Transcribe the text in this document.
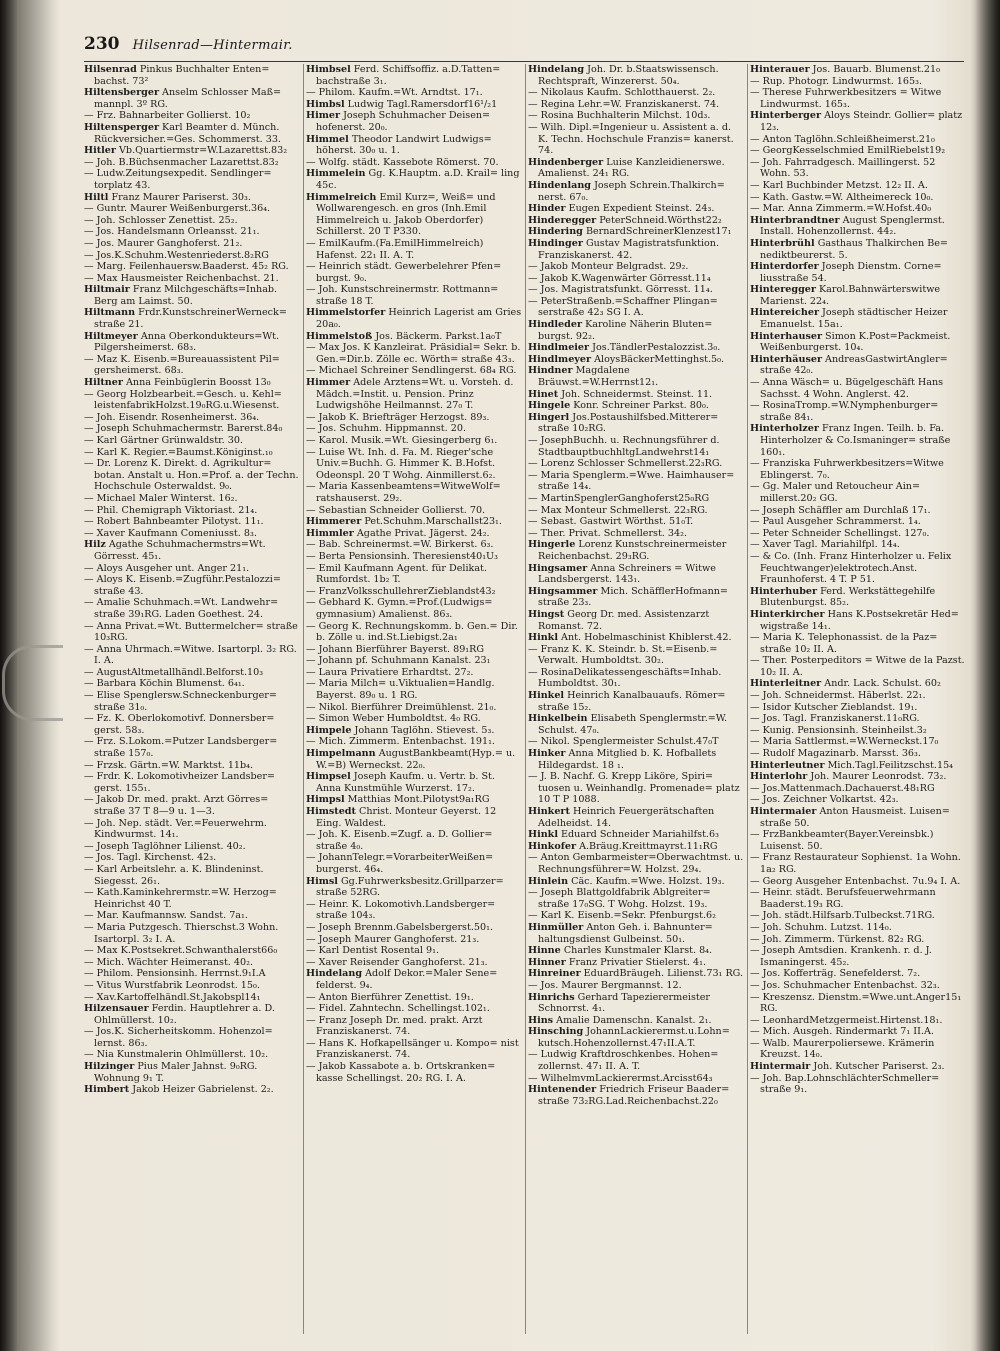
230 Hilsenrad—Hintermair.

Hilsenrad Pinkus Buchhalter Enten= bachst. 73²

Hiltensberger Anselm Schlosser Maß= mannpl. 3º RG.

— Frz. Bahnarbeiter Gollierst. 10₂

Hiltensperger Karl Beamter d. Münch. Rückversicher.=Ges. Schommerst. 33.

Hitler Vb.Quartiermstr=W.Lazarettst.83₂

— Joh. B.Büchsenmacher Lazarettst.83₂

— Ludw.Zeitungsexpedit. Sendlinger= torplatz 43.

Hiltl Franz Maurer Pariserst. 30₃.

— Guntr. Maurer Weißenburgerst.36₄.

— Joh. Schlosser Zenettist. 25₂.

— Jos. Handelsmann Orleansst. 21₁.

— Jos. Maurer Ganghoferst. 21₂.

— Jos.K.Schuhm.Westenriederst.8₂RG

— Marg. Feilenhauersw.Baaderst. 45₂ RG.

— Max Hausmeister Reichenbachst. 21.

Hiltmair Franz Milchgeschäfts=Inhab. Berg am Laimst. 50.

Hiltmann Frdr.KunstschreinerWerneck= straße 21.

Hiltmeyer Anna Oberkondukteurs=Wt. Pilgersheimerst. 68₃.

— Maz K. Eisenb.=Bureauassistent Pil= gersheimerst. 68₃.

Hiltner Anna Feinbüglerin Boosst 13₀

— Georg Holzbearbeit.=Gesch. u. Kehl= leistenfabrikHolzst.19₀RG.u.Wiesenst.

— Joh. Eisendr. Rosenheimerst. 36₄.

— Joseph Schuhmachermstr. Barerst.84₀

— Karl Gärtner Grünwaldstr. 30.

— Karl K. Regier.=Baumst.Königinst.₁₀

— Dr. Lorenz K. Direkt. d. Agrikultur= botan. Anstalt u. Hon.=Prof. a. der Techn. Hochschule Osterwaldst. 9₀.

— Michael Maler Winterst. 16₂.

— Phil. Chemigraph Viktoriast. 21₄.

— Robert Bahnbeamter Pilotyst. 11₁.

— Xaver Kaufmann Comeniusst. 8₃.

Hilz Agathe Schuhmachermstrs=Wt. Görresst. 45₁.

— Aloys Ausgeher unt. Anger 21₁.

— Aloys K. Eisenb.=Zugführ.Pestalozzi= straße 43.

— Amalie Schuhmach.=Wt. Landwehr= straße 39₁RG. Laden Goethest. 24.

— Anna Privat.=Wt. Buttermelcher= straße 10₃RG.

— Anna Uhrmach.=Witwe. Isartorpl. 3₂ RG. I. A.

— AugustAltmetallhändl.Belforst.10₃

— Barbara Köchin Blumenst. 6₄₁.

— Elise Spenglersw.Schneckenburger= straße 31₀.

— Fz. K. Oberlokomotivf. Donnersber= gerst. 58₃.

— Frz. S.Lokom.=Putzer Landsberger= straße 157₀.

— Frzsk. Gärtn.=W. Marktst. 11b₄.

— Frdr. K. Lokomotivheizer Landsber= gerst. 155₁.

— Jakob Dr. med. prakt. Arzt Görres= straße 37 T 8—9 u. 1—3.

— Joh. Nep. städt. Ver.=Feuerwehrm. Kindwurmst. 14₁.

— Joseph Taglöhner Lilienst. 40₂.

— Jos. Tagl. Kirchenst. 42₃.

— Karl Arbeitslehr. a. K. Blindeninst. Siegesst. 26₁.

— Kath.Kaminkehrermstr.=W. Herzog= Heinrichst 40 T.

— Mar. Kaufmannsw. Sandst. 7a₁.

— Maria Putzgesch. Thierschst.3 Wohn. Isartorpl. 3₂ I. A.

— Max K.Postsekret.Schwanthalerst66₀

— Mich. Wächter Heimeranst. 40₂.

— Philom. Pensionsinh. Herrnst.9₁I.A

— Vitus Wurstfabrik Leonrodst. 15₀.

— Xav.Kartoffelhändl.St.Jakobspl14₁

Hilzensauer Ferdin. Hauptlehrer a. D. Ohlmüllerst. 10₂.

— Jos.K. Sicherheitskomm. Hohenzol= lernst. 86₃.

— Nia Kunstmalerin Ohlmüllerst. 10₂.

Hilzinger Pius Maler Jahnst. 9₀RG. Wohnung 9₁ T.

Himbert Jakob Heizer Gabrielenst. 2₂.

Himbsel Ferd. Schiffsoffiz. a.D.Tatten= bachstraße 3₁.

— Philom. Kaufm.=Wt. Arndtst. 17₁.

Himbsl Ludwig Tagl.Ramersdorf16¹/₂1

Himer Joseph Schuhmacher Deisen= hofenerst. 20₀.

Himmel Theodor Landwirt Ludwigs= höherst. 30₀ u. 1.

— Wolfg. städt. Kassebote Römerst. 70.

Himmelein Gg. K.Hauptm. a.D. Krail= ling 45c.

Himmelreich Emil Kurz=, Weiß= und Wollwarengesch. en gros (Inh.Emil Himmelreich u. Jakob Oberdorfer) Schillerst. 20 T P330.

— EmilKaufm.(Fa.EmilHimmelreich) Hafenst. 22₁ II. A. T.

— Heinrich städt. Gewerbelehrer Pfen= burgst. 9₀.

— Joh. Kunstschreinermstr. Rottmann= straße 18 T.

Himmelstorfer Heinrich Lagerist am Gries 20a₀.

Himmelstoß Jos. Bäckerm. Parkst.1a₀T

— Max Jos. K Kanzleirat. Präsidial= Sekr. b. Gen.=Dir.b. Zölle ec. Wörth= straße 43₃.

— Michael Schreiner Sendlingerst. 68₄ RG.

Himmer Adele Arztens=Wt. u. Vorsteh. d. Mädch.=Instit. u. Pension. Prinz Ludwigshöhe Heilmannst. 27₀ T.

— Jakob K. Briefträger Herzogst. 89₃.

— Jos. Schuhm. Hippmannst. 20.

— Karol. Musik.=Wt. Giesingerberg 6₁.

— Luise Wt. Inh. d. Fa. M. Rieger'sche Univ.=Buchh. G. Himmer K. B.Hofst. Odeonspl. 20 T Wohg. Ainmillerst.6₂.

— Maria Kassenbeamtens=WitweWolf= ratshauserst. 29₂.

— Sebastian Schneider Gollierst. 70.

Himmerer Pet.Schuhm.Marschallst23₁.

Himmler Agathe Privat. Jägerst. 24₂.

— Bab. Schreinermst.=W. Birkerst. 6₃.

— Berta Pensionsinh. Theresienst40₁U₃

— Emil Kaufmann Agent. für Delikat. Rumfordst. 1b₂ T.

— FranzVolksschullehrerZieblandst43₂

— Gebhard K. Gymn.=Prof.(Ludwigs= gymnasium) Amalienst. 86₃.

— Georg K. Rechnungskomm. b. Gen.= Dir. b. Zölle u. ind.St.Liebigst.2a₁

— Johann Bierführer Bayerst. 89₁RG

— Johann pf. Schuhmann Kanalst. 23₁

— Laura Privatiere Erhardtst. 27₂.

— Maria Milch= u.Viktualien=Handlg. Bayerst. 89₀ u. 1 RG.

— Nikol. Bierführer Dreimühlenst. 21₀.

— Simon Weber Humboldtst. 4₀ RG.

Himpele Johann Taglöhn. Stievest. 5₃.

— Mich. Zimmerm. Entenbachst. 191₁.

Himpelmann AugustBankbeamt(Hyp.= u. W.=B) Werneckst. 22₀.

Himpsel Joseph Kaufm. u. Vertr. b. St. Anna Kunstmühle Wurzerst. 17₂.

Himpsl Matthias Mont.Pilotyst9a₁RG

Himstedt Christ. Monteur Geyerst. 12 Eing. Waldest.

— Joh. K. Eisenb.=Zugf. a. D. Gollier= straße 4₀.

— JohannTelegr.=VorarbeiterWeißen= burgerst. 46₄.

Himsl Gg.Fuhrwerksbesitz.Grillparzer= straße 52RG.

— Heinr. K. Lokomotivh.Landsberger= straße 104₃.

— Joseph Brennm.Gabelsbergerst.50₁.

— Joseph Maurer Ganghoferst. 21₃.

— Karl Dentist Rosental 9₁.

— Xaver Reisender Ganghoferst. 21₃.

Hindelang Adolf Dekor.=Maler Sene= felderst. 9₄.

— Anton Bierführer Zenettist. 19₁.

— Fidel. Zahntechn. Schellingst.102₁.

— Franz Joseph Dr. med. prakt. Arzt Franziskanerst. 74.

— Hans K. Hofkapellsänger u. Kompo= nist Franziskanerst. 74.

— Jakob Kassabote a. b. Ortskranken= kasse Schellingst. 20₂ RG. I. A.

Hindelang Joh. Dr. b.Staatswissensch. Rechtspraft, Winzererst. 50₄.

— Nikolaus Kaufm. Schlotthauerst. 2₂.

— Regina Lehr.=W. Franziskanerst. 74.

— Rosina Buchhalterin Milchst. 10d₃.

— Wilh. Dipl.=Ingenieur u. Assistent a. d. K. Techn. Hochschule Franzis= kanerst. 74.

Hindenberger Luise Kanzleidienerswe. Amalienst. 24₁ RG.

Hindenlang Joseph Schrein.Thalkirch= nerst. 67₀.

Hinder Eugen Expedient Steinst. 24₃.

Hinderegger PeterSchneid.Wörthst22₂

Hindering BernardSchreinerKlenzest17₁

Hindinger Gustav Magistratsfunktion. Franziskanerst. 42.

— Jakob Monteur Belgradst. 29₂.

— Jakob K.Wagenwärter Görresst.11₄

— Jos. Magistratsfunkt. Görresst. 11₄.

— PeterStraßenb.=Schaffner Plingan= serstraße 42₃ SG I. A.

Hindleder Karoline Näherin Bluten= burgst. 92₂.

Hindlmeier Jos.TändlerPestalozzist.3₀.

Hindlmeyer AloysBäckerMettinghst.5₀.

Hindner Magdalene Bräuwst.=W.Herrnst12₁.

Hinet Joh. Schneidermst. Steinst. 11.

Hingele Konr. Schreiner Parkst. 80₀.

Hingerl Jos.Postaushilfsbed.Mitterer= straße 10₂RG.

— JosephBuchh. u. Rechnungsführer d. StadtbauptbuchhltgLandwehrst14₁

— Lorenz Schlosser Schmellerst.22₃RG.

— Maria Spenglerm.=Wwe. Haimhauser= straße 14₄.

— MartinSpenglerGanghoferst25₀RG

— Max Monteur Schmellerst. 22₃RG.

— Sebast. Gastwirt Wörthst. 51₀T.

— Ther. Privat. Schmellerst. 34₂.

Hingerle Lorenz Kunstschreinermeister Reichenbachst. 29₃RG.

Hingsamer Anna Schreiners = Witwe Landsbergerst. 143₁.

Hingsammer Mich. SchäfflerHofmann= straße 23₃.

Hingst Georg Dr. med. Assistenzarzt Romanst. 72.

Hinkl Ant. Hobelmaschinist Khiblerst.42.

— Franz K. K. Steindr. b. St.=Eisenb.= Verwalt. Humboldtst. 30₂.

— RosinaDelikatessengeschäfts=Inhab. Humboldtst. 30₁.

Hinkel Heinrich Kanalbauaufs. Römer= straße 15₂.

Hinkelbein Elisabeth Spenglermstr.=W. Schulst. 47₀.

— Nikol. Spenglermeister Schulst.47₀T

Hinker Anna Mitglied b. K. Hofballets Hildegardst. 18 ₁.

— J. B. Nachf. G. Krepp Liköre, Spiri= tuosen u. Weinhandlg. Promenade= platz 10 T P 1088.

Hinkert Heinrich Feuergerätschaften Adelheidst. 14.

Hinkl Eduard Schneider Mariahilfst.6₃

Hinkofer A.Bräug.Kreittmayrst.11₁RG

— Anton Gembarmeister=Oberwachtmst. u. Rechnungsführer=W. Holzst. 29₄.

Hinlein Cäc. Kaufm.=Wwe. Holzst. 19₃.

— Joseph Blattgoldfabrik Ablgreiter= straße 17₀SG. T Wohg. Holzst. 19₃.

— Karl K. Eisenb.=Sekr. Pfenburgst.6₂

Hinmüller Anton Geh. i. Bahnunter= haltungsdienst Gulbeinst. 50₁.

Hinne Charles Kunstmaler Klarst. 8₄.

Hinner Franz Privatier Stielerst. 4₁.

Hinreiner EduardBräugeh. Lilienst.73₁ RG.

— Jos. Maurer Bergmannst. 12.

Hinrichs Gerhard Tapezierermeister Schnorrst. 4₁.

Hins Amalie Damenschn. Kanalst. 2₁.

Hinsching JohannLackierermst.u.Lohn= kutsch.Hohenzollernst.47₁II.A.T.

— Ludwig Kraftdroschkenbes. Hohen= zollernst. 47₁ II. A. T.

— WilhelmvmLackierermst.Arcisst64₃

Hintenender Friedrich Friseur Baader= straße 73₂RG.Lad.Reichenbachst.22₀

Hinterauer Jos. Bauarb. Blumenst.21₀

— Rup. Photogr. Lindwurmst. 165₃.

— Therese Fuhrwerkbesitzers = Witwe Lindwurmst. 165₃.

Hinterberger Aloys Steindr. Gollier= platz 12₃.

— Anton Taglöhn.Schleißheimerst.21₀

— GeorgKesselschmied EmilRiebelst19₂

— Joh. Fahrradgesch. Maillingerst. 52 Wohn. 53.

— Karl Buchbinder Metzst. 12₂ II. A.

— Kath. Gastw.=W. Altheimereck 10₀.

— Mar. Anna Zimmerm.=W.Hofst.40₀

Hinterbrandtner August Spenglermst. Install. Hohenzollernst. 44₂.

Hinterbrühl Gasthaus Thalkirchen Be= nediktbeurerst. 5.

Hinterdorfer Joseph Dienstm. Corne= liusstraße 54.

Hinteregger Karol.Bahnwärterswitwe Marienst. 22₄.

Hintereicher Joseph städtischer Heizer Emanuelst. 15a₁.

Hinterhauser Simon K.Post=Packmeist. Weißenburgerst. 10₄.

Hinterhäuser AndreasGastwirtAngler= straße 42₀.

— Anna Wäsch= u. Bügelgeschäft Hans Sachsst. 4 Wohn. Anglerst. 42.

— RosinaTromp.=W.Nymphenburger= straße 84₁.

Hinterholzer Franz Ingen. Teilh. b. Fa. Hinterholzer & Co.Ismaninger= straße 160₁.

— Franziska Fuhrwerkbesitzers=Witwe Eblingerst. 7₀.

— Gg. Maler und Retoucheur Ain= millerst.20₂ GG.

— Joseph Schäffler am Durchlaß 17₁.

— Paul Ausgeher Schrammerst. 1₄.

— Peter Schneider Schellingst. 127₀.

— Xaver Tagl. Mariahilfpl. 14₄.

— & Co. (Inh. Franz Hinterholzer u. Felix Feuchtwanger)elektrotech.Anst. Fraunhoferst. 4 T. P 51.

Hinterhuber Ferd. Werkstättegehilfe Blutenburgst. 85₂.

Hinterkircher Hans K.Postsekretär Hed= wigstraße 14₁.

— Maria K. Telephonassist. de la Paz= straße 10₂ II. A.

— Ther. Posterpeditors = Witwe de la Pazst. 10₂ II. A.

Hinterleitner Andr. Lack. Schulst. 60₂

— Joh. Schneidermst. Häberlst. 22₁.

— Isidor Kutscher Zieblandst. 19₁.

— Jos. Tagl. Franziskanerst.11₀RG.

— Kunig. Pensionsinh. Steinheilst.3₂

— Maria Sattlermst.=W.Werneckst.17₀

— Rudolf Magazinarb. Marsst. 36₃.

Hinterleutner Mich.Tagl.Feilitzschst.15₄

Hinterlohr Joh. Maurer Leonrodst. 73₂.

— Jos.Mattenmach.Dachauerst.48₁RG

— Jos. Zeichner Volkartst. 42₃.

Hintermaier Anton Hausmeist. Luisen= straße 50.

— FrzBankbeamter(Bayer.Vereinsbk.) Luisenst. 50.

— Franz Restaurateur Sophienst. 1a Wohn. 1a₂ RG.

— Georg Ausgeher Entenbachst. 7u.9₄ I. A.

— Heinr. städt. Berufsfeuerwehrmann Baaderst.19₃ RG.

— Joh. städt.Hilfsarb.Tulbeckst.71RG.

— Joh. Schuhm. Lutzst. 114₀.

— Joh. Zimmerm. Türkenst. 82₂ RG.

— Joseph Amtsdien. Krankenh. r. d. J. Ismaningerst. 45₂.

— Jos. Kofferträg. Senefelderst. 7₂.

— Jos. Schuhmacher Entenbachst. 32₃.

— Kreszensz. Dienstm.=Wwe.unt.Anger15₁ RG.

— LeonhardMetzgermeist.Hirtenst.18₁.

— Mich. Ausgeh. Rindermarkt 7₁ II.A.

— Walb. Maurerpoliersewe. Krämerin Kreuzst. 14₀.

Hintermair Joh. Kutscher Pariserst. 2₃.

— Joh. Bap.LohnschlächterSchmeller= straße 9₁.
